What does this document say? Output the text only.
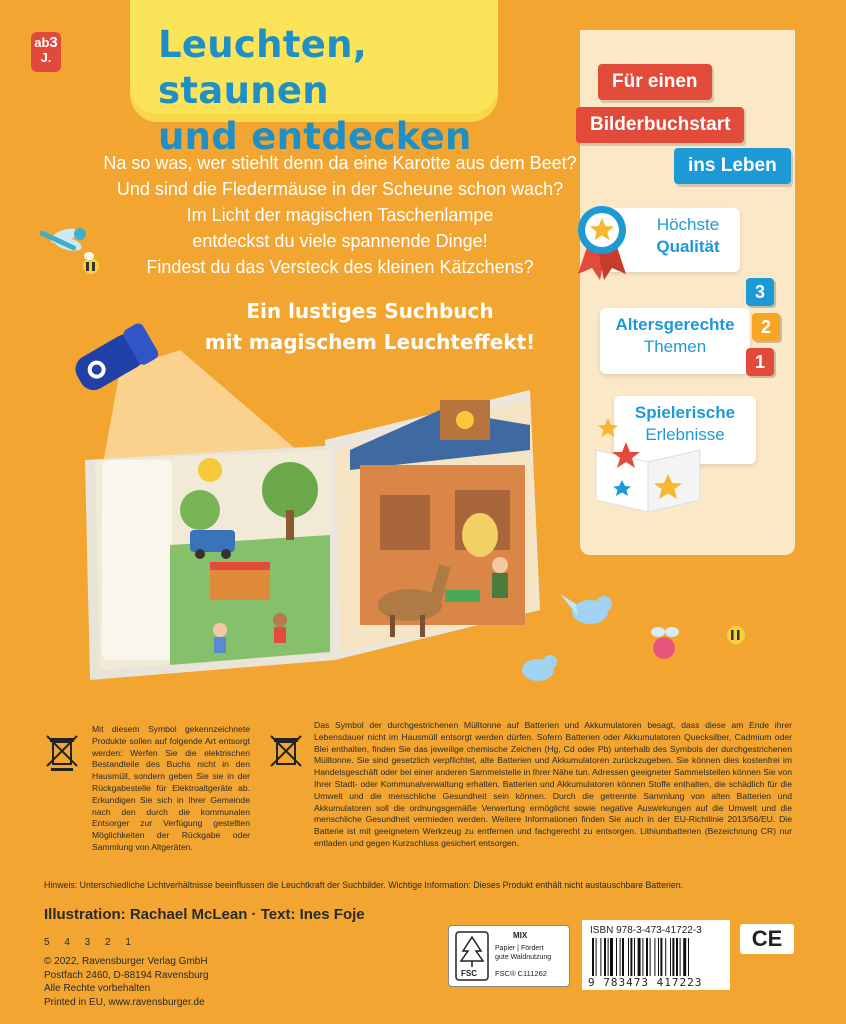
ab3
J.	Leuchten, staunen
und entdecken

Na so was, wer stiehlt denn da eine Karotte aus dem Beet?

Und sind die Fledermäuse in der Scheune schon wach?

Im Licht der magischen Taschenlampe

entdeckst du viele spannende Dinge!

Findest du das Versteck des kleinen Kätzchens?

Ein lustiges Suchbuch
mit magischem Leuchteffekt!
Für einen
Bilderbuchstart
ins Leben
Höchste
Qualität
Altersgerechte
Themen
3
2
1
Spielerische
Erlebnisse
Mit diesem Symbol gekennzeichnete Produkte sollen auf folgende Art entsorgt werden: Werfen Sie die elektrischen Bestandteile des Buchs nicht in den Hausmüll, sondern geben Sie sie in der Rückgabestelle für Elektroaltgeräte ab. Erkundigen Sie sich in Ihrer Gemeinde nach den durch die kommunalen Entsorger zur Verfügung gestellten Möglichkeiten der Rückgabe oder Sammlung von Altgeräten.
Das Symbol der durchgestrichenen Mülltonne auf Batterien und Akkumulatoren besagt, dass diese am Ende ihrer Lebensdauer nicht im Hausmüll entsorgt werden dürfen. Sofern Batterien oder Akkumulatoren Quecksilber, Cadmium oder Blei enthalten, finden Sie das jeweilige chemische Zeichen (Hg, Cd oder Pb) unterhalb des Symbols der durchgestrichenen Mülltonne. Sie sind gesetzlich verpflichtet, alte Batterien und Akkumulatoren zurückzugeben. Sie können dies kostenfrei im Handelsgeschäft oder bei einer anderen Sammelstelle in Ihrer Nähe tun. Adressen geeigneter Sammelstellen können Sie von Ihrer Stadt- oder Kommunalverwaltung erhalten. Batterien und Akkumulatoren können Stoffe enthalten, die schädlich für die Umwelt und die menschliche Gesundheit sein können. Durch die getrennte Sammlung von alten Batterien und Akkumulatoren soll die ordnungsgemäße Verwertung ermöglicht sowie negative Auswirkungen auf die Umwelt und die menschliche Gesundheit vermieden werden. Weitere Informationen finden Sie auch in der EU-Richtlinie 2013/56/EU. Die Batterie ist mit geeignetem Werkzeug zu entfernen und fachgerecht zu entsorgen. Lithiumbatterien (Bezeichnung CR) nur entladen und gegen Kurzschluss gesichert entsorgen.
Hinweis: Unterschiedliche Lichtverhältnisse beeinflussen die Leuchtkraft der Suchbilder. Wichtige Information: Dieses Produkt enthält nicht austauschbare Batterien.
Illustration: Rachael McLean · Text: Ines Foje
5 4 3 2 1
© 2022, Ravensburger Verlag GmbH
Postfach 2460, D-88194 Ravensburg
Alle Rechte vorbehalten
Printed in EU, www.ravensburger.de
FSC
MIX
Papier | Fördert
gute Waldnutzung
FSC® C111262
ISBN 978-3-473-41722-3
9 783473 417223
CE
